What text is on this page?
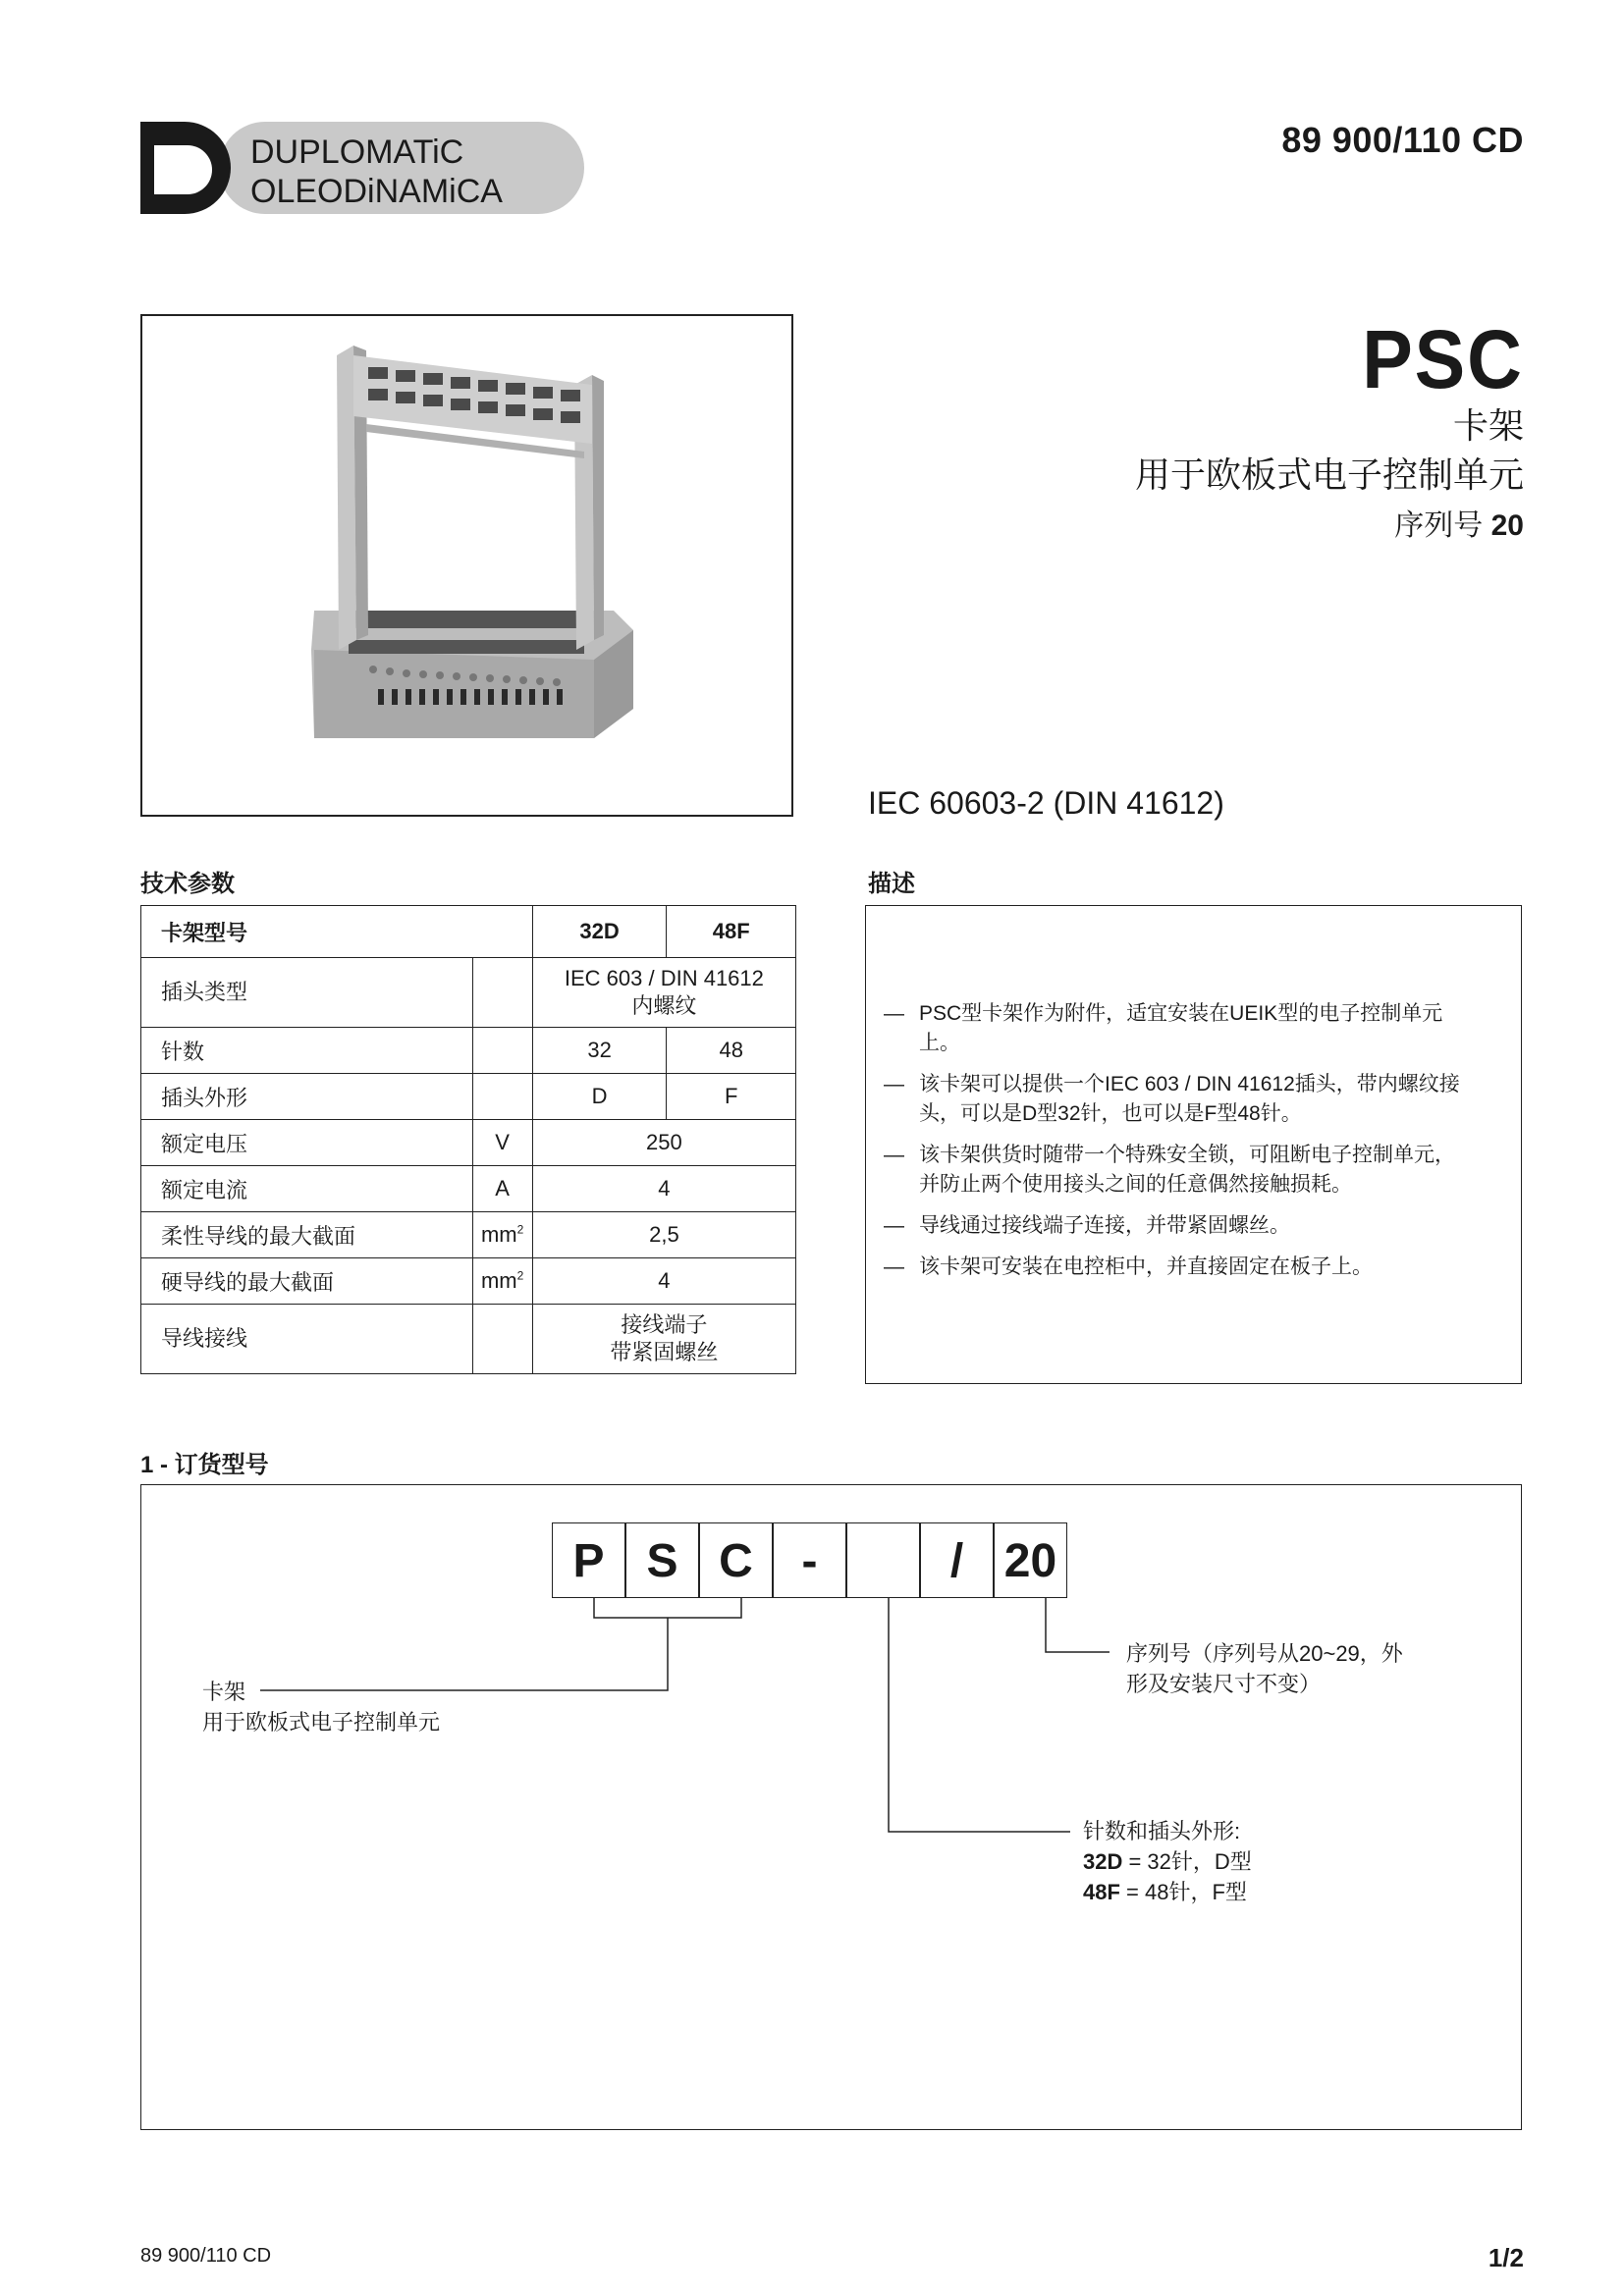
DUPLOMATiC
OLEODiNAMiCA
89 900/110 CD
PSC
卡架
用于欧板式电子控制单元
序列号 20
IEC 60603-2 (DIN 41612)
技术参数	描述
卡架型号		32D	48F
插头类型		IEC 603 / DIN 41612
内螺纹	

针数		32	48
插头外形		D	F
额定电压	V	250	
额定电流	A	4	
柔性导线的最大截面	$mm^2$	2,5	
硬导线的最大截面	$mm^2$	4	
导线接线		接线端子
带紧固螺丝	
— PSC型卡架作为附件，适宜安装在UEIK型的电子控制单元
上。
— 该卡架可以提供一个IEC 603 / DIN 41612插头，带内螺纹接
头，可以是D型32针，也可以是F型48针。
— 该卡架供货时随带一个特殊安全锁，可阻断电子控制单元，
并防止两个使用接头之间的任意偶然接触损耗。
— 导线通过接线端子连接，并带紧固螺丝。
— 该卡架可安装在电控柜中，并直接固定在板子上。
1 - 订货型号
P S C	-	/ 20
卡架
用于欧板式电子控制单元
序列号（序列号从20~29，外
形及安装尺寸不变）
针数和插头外形:
32D = 32针，D型
48F = 48针，F型
89 900/110 CD	1/2
